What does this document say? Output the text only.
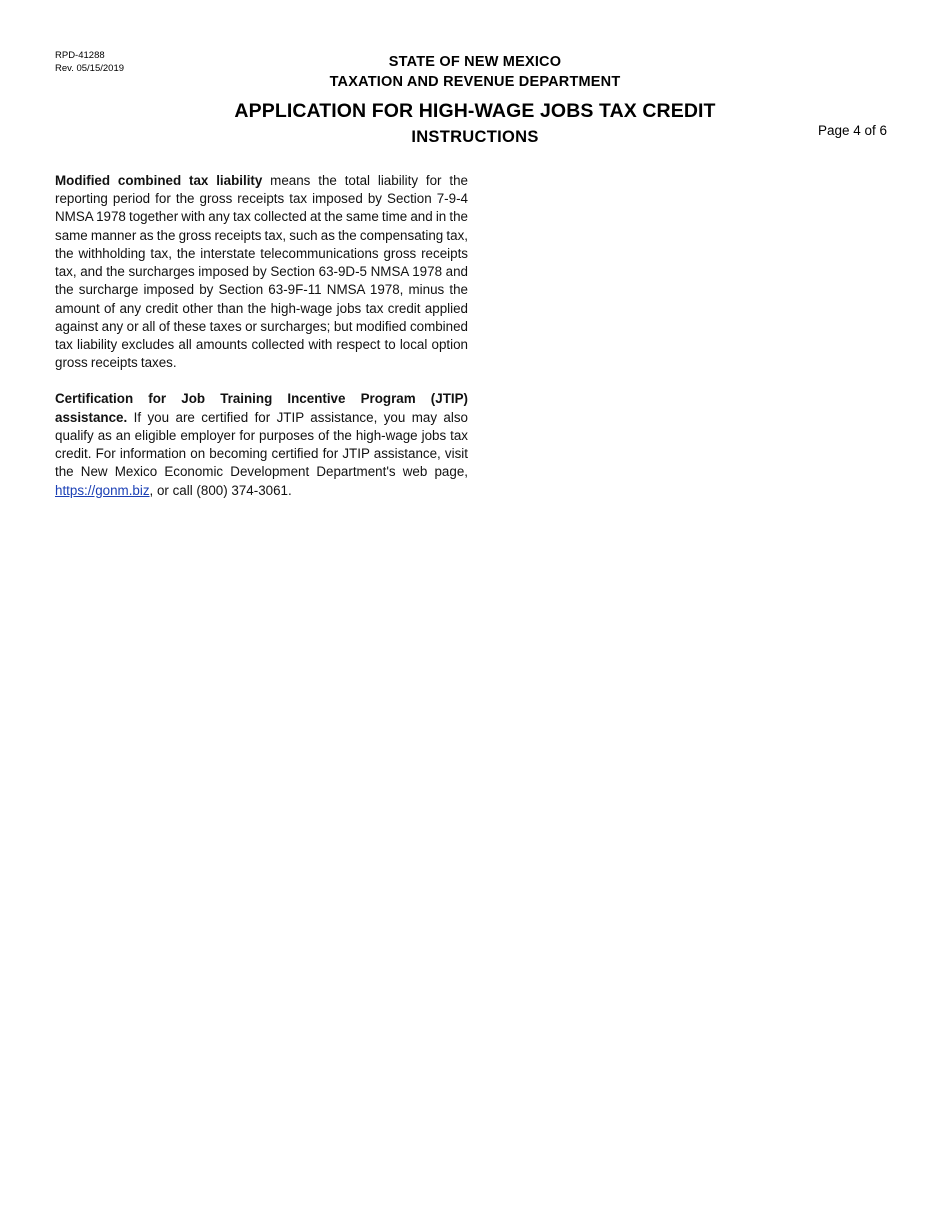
RPD-41288
Rev. 05/15/2019	STATE OF NEW MEXICO
TAXATION AND REVENUE DEPARTMENT
APPLICATION FOR HIGH-WAGE JOBS TAX CREDIT
INSTRUCTIONS	Page 4 of 6

Modified combined tax liability means the total liability for the reporting period for the gross receipts tax imposed by Section 7-9-4 NMSA 1978 together with any tax collected at the same time and in the same manner as the gross receipts tax, such as the compensating tax, the withholding tax, the interstate telecommunications gross receipts tax, and the surcharges imposed by Section 63-9D-5 NMSA 1978 and the surcharge imposed by Section 63-9F-11 NMSA 1978, minus the amount of any credit other than the high-wage jobs tax credit applied against any or all of these taxes or surcharges; but modified combined tax liability excludes all amounts collected with respect to local option gross receipts taxes.

Certification for Job Training Incentive Program (JTIP) assistance. If you are certified for JTIP assistance, you may also qualify as an eligible employer for purposes of the high-wage jobs tax credit. For information on becoming certified for JTIP assistance, visit the New Mexico Economic Development Department's web page, https://gonm.biz, or call (800) 374-3061.
